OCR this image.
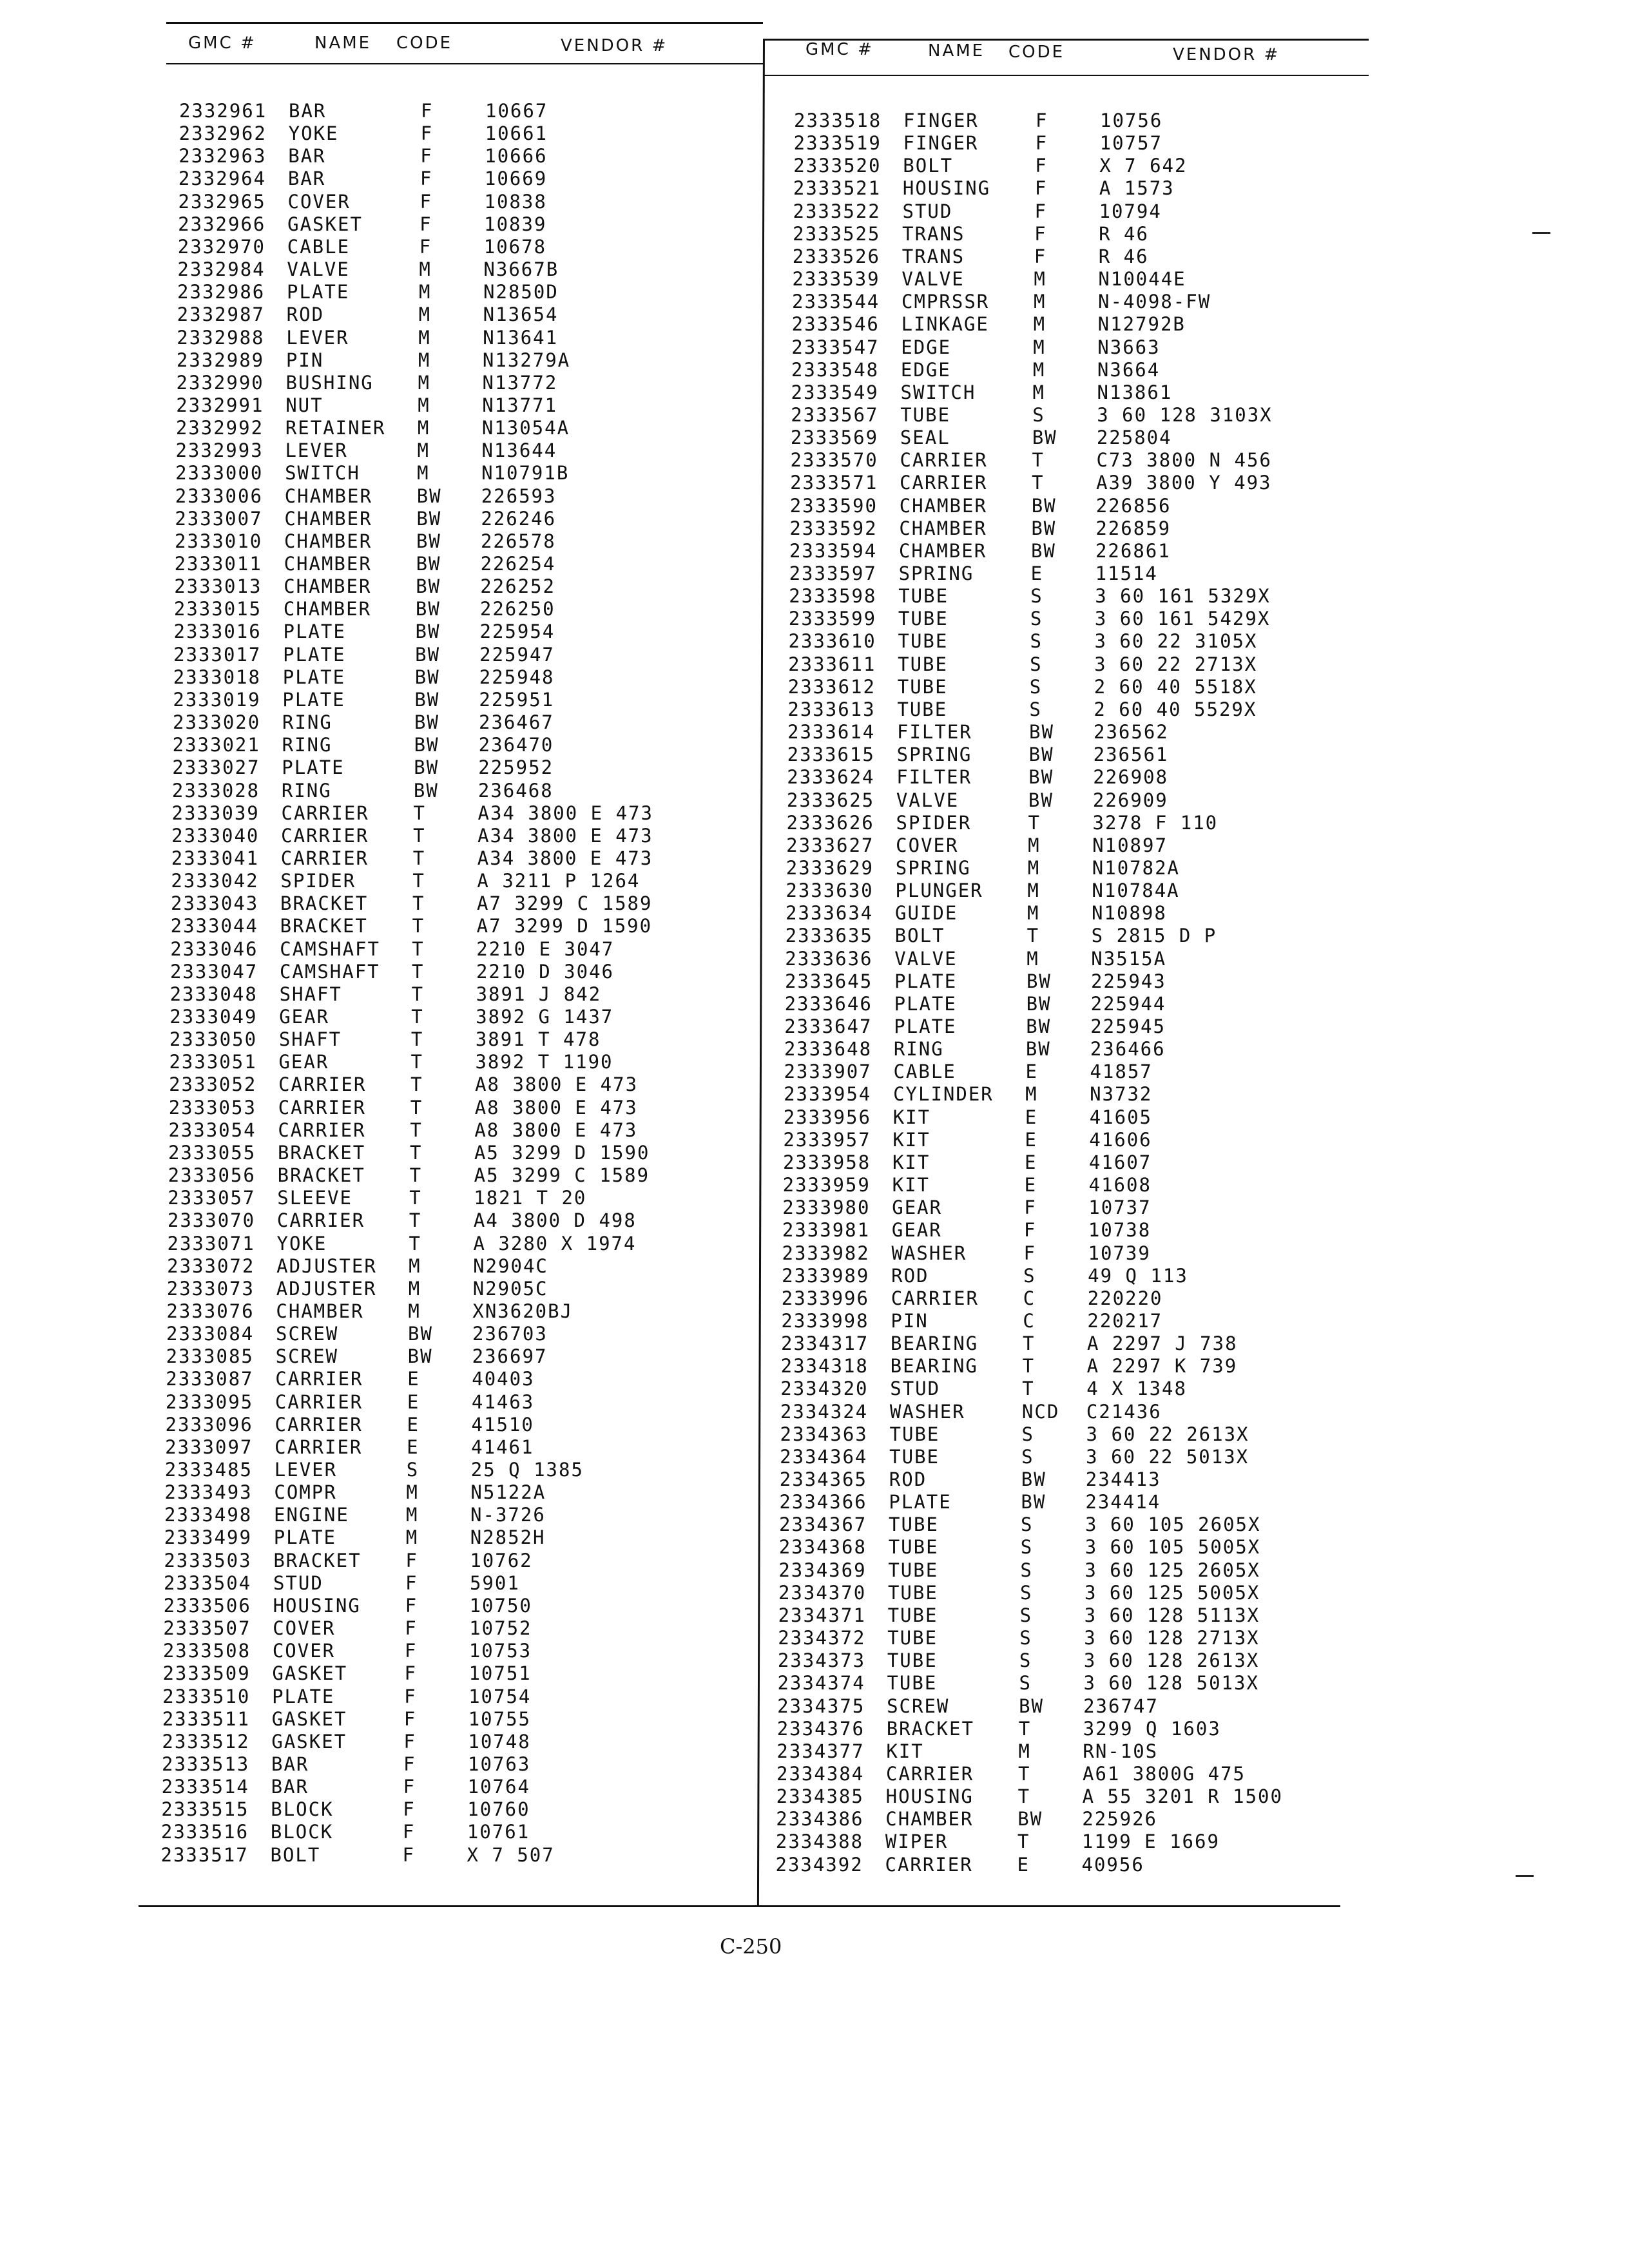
GMC #	NAME CODE	VENDOR #	GMC #	NAME CODE	VENDOR #
2332961 BAR	F	10667
2332962 YOKE	F	10661
2332963 BAR	F	10666
2332964 BAR	F	10669
2332965 COVER	F	10838
2332966 GASKET	F	10839
2332970 CABLE	F	10678
2332984 VALVE	M	N3667B
2332986 PLATE	M	N2850D
2332987 ROD	M	N13654
2332988 LEVER	M	N13641
2332989 PIN	M	N13279A
2332990 BUSHING M	N13772
2332991 NUT	M	N13771
2332992 RETAINER M	N13054A
2332993 LEVER	M	N13644
2333000 SWITCH	M	N10791B
2333006 CHAMBER BW 226593
2333007 CHAMBER BW 226246
2333010 CHAMBER BW 226578
2333011 CHAMBER BW 226254
2333013 CHAMBER BW 226252
2333015 CHAMBER BW 226250
2333016 PLATE	BW 225954
2333017 PLATE	BW 225947
2333018 PLATE	BW 225948
2333019 PLATE	BW 225951
2333020 RING	BW 236467
2333021 RING	BW 236470
2333027 PLATE	BW 225952
2333028 RING	BW 236468
2333039 CARRIER T	A34 3800 E 473
2333040 CARRIER T	A34 3800 E 473
2333041 CARRIER T	A34 3800 E 473
2333042 SPIDER	T	A 3211 P 1264
2333043 BRACKET T	A7 3299 C 1589
2333044 BRACKET T	A7 3299 D 1590
2333046 CAMSHAFT T	2210 E 3047
2333047 CAMSHAFT T	2210 D 3046
2333048 SHAFT	T	3891 J 842
2333049 GEAR	T	3892 G 1437
2333050 SHAFT	T	3891 T 478
2333051 GEAR	T	3892 T 1190
2333052 CARRIER T	A8 3800 E 473
2333053 CARRIER T	A8 3800 E 473
2333054 CARRIER T	A8 3800 E 473
2333055 BRACKET T	A5 3299 D 1590
2333056 BRACKET T	A5 3299 C 1589
2333057 SLEEVE	T	1821 T 20
2333070 CARRIER T	A4 3800 D 498
2333071 YOKE	T	A 3280 X 1974
2333072 ADJUSTER M	N2904C
2333073 ADJUSTER M	N2905C
2333076 CHAMBER M	XN3620BJ
2333084 SCREW	BW 236703
2333085 SCREW	BW 236697
2333087 CARRIER E	40403
2333095 CARRIER E	41463
2333096 CARRIER E	41510
2333097 CARRIER E	41461
2333485 LEVER	S	25 Q 1385
2333493 COMPR	M	N5122A
2333498 ENGINE	M	N-3726
2333499 PLATE	M	N2852H
2333503 BRACKET F	10762
2333504 STUD	F	5901
2333506 HOUSING F	10750
2333507 COVER	F	10752
2333508 COVER	F	10753
2333509 GASKET	F	10751
2333510 PLATE	F	10754
2333511 GASKET	F	10755
2333512 GASKET	F	10748
2333513 BAR	F	10763
2333514 BAR	F	10764
2333515 BLOCK	F	10760
2333516 BLOCK	F	10761
2333517 BOLT	F	X 7 507
2333518 FINGER	F	10756
2333519 FINGER	F	10757
2333520 BOLT	F	X 7 642
2333521 HOUSING F	A 1573
2333522 STUD	F	10794
2333525 TRANS	F	R 46
2333526 TRANS	F	R 46
2333539 VALVE	M	N10044E
2333544 CMPRSSR M	N-4098-FW
2333546 LINKAGE M	N12792B
2333547 EDGE	M	N3663
2333548 EDGE	M	N3664
2333549 SWITCH	M	N13861
2333567 TUBE	S	3 60 128 3103X
2333569 SEAL	BW 225804
2333570 CARRIER T	C73 3800 N 456
2333571 CARRIER T	A39 3800 Y 493
2333590 CHAMBER BW 226856
2333592 CHAMBER BW 226859
2333594 CHAMBER BW 226861
2333597 SPRING	E	11514
2333598 TUBE	S	3 60 161 5329X
2333599 TUBE	S	3 60 161 5429X
2333610 TUBE	S	3 60 22 3105X
2333611 TUBE	S	3 60 22 2713X
2333612 TUBE	S	2 60 40 5518X
2333613 TUBE	S	2 60 40 5529X
2333614 FILTER	BW 236562
2333615 SPRING	BW 236561
2333624 FILTER	BW 226908
2333625 VALVE	BW 226909
2333626 SPIDER	T	3278 F 110
2333627 COVER	M	N10897
2333629 SPRING	M	N10782A
2333630 PLUNGER M	N10784A
2333634 GUIDE	M	N10898
2333635 BOLT	T	S 2815 D P
2333636 VALVE	M	N3515A
2333645 PLATE	BW 225943
2333646 PLATE	BW 225944
2333647 PLATE	BW 225945
2333648 RING	BW 236466
2333907 CABLE	E	41857
2333954 CYLINDER M	N3732
2333956 KIT	E	41605
2333957 KIT	E	41606
2333958 KIT	E	41607
2333959 KIT	E	41608
2333980 GEAR	F	10737
2333981 GEAR	F	10738
2333982 WASHER	F	10739
2333989 ROD	S	49 Q 113
2333996 CARRIER C	220220
2333998 PIN	C	220217
2334317 BEARING T	A 2297 J 738
2334318 BEARING T	A 2297 K 739
2334320 STUD	T	4 X 1348
2334324 WASHER	NCD C21436
2334363 TUBE	S	3 60 22 2613X
2334364 TUBE	S	3 60 22 5013X
2334365 ROD	BW 234413
2334366 PLATE	BW 234414
2334367 TUBE	S	3 60 105 2605X
2334368 TUBE	S	3 60 105 5005X
2334369 TUBE	S	3 60 125 2605X
2334370 TUBE	S	3 60 125 5005X
2334371 TUBE	S	3 60 128 5113X
2334372 TUBE	S	3 60 128 2713X
2334373 TUBE	S	3 60 128 2613X
2334374 TUBE	S	3 60 128 5013X
2334375 SCREW	BW 236747
2334376 BRACKET T	3299 Q 1603
2334377 KIT	M	RN-10S
2334384 CARRIER T	A61 3800G 475
2334385 HOUSING T	A 55 3201 R 1500
2334386 CHAMBER BW 225926
2334388 WIPER	T	1199 E 1669
2334392 CARRIER E	40956
C-250
